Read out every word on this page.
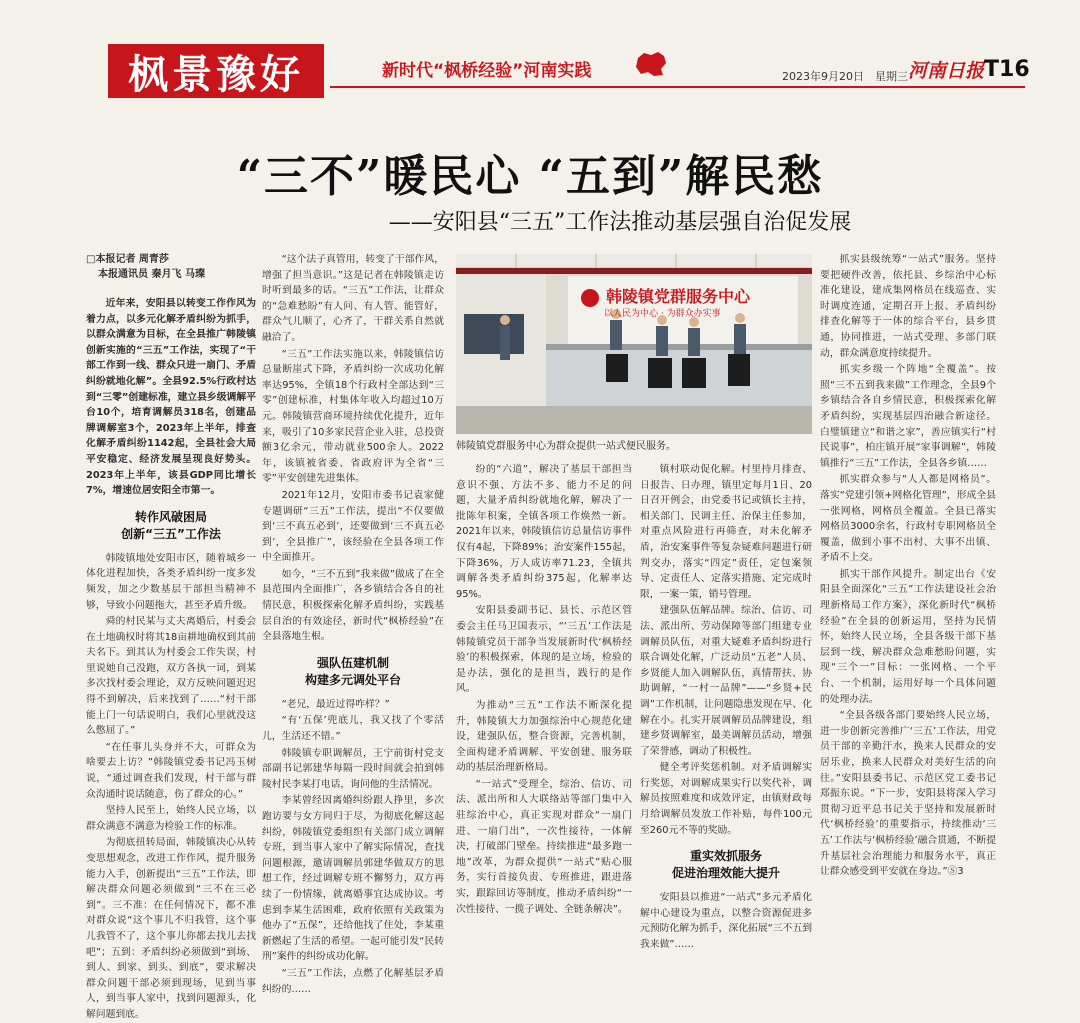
枫景豫好	新时代“枫桥经验”河南实践	2023年9月20日　星期三 河南日报 T16
“三不”暖民心 “五到”解民愁
——安阳县“三五”工作法推动基层强自治促发展
□本报记者 周青莎
本报通讯员 秦月飞 马璨

近年来，安阳县以转变工作作风为着力点，以多元化解矛盾纠纷为抓手，以群众满意为目标，在全县推广韩陵镇创新实施的“三五”工作法，实现了“干部工作到一线、群众只进一扇门、矛盾纠纷就地化解”。全县92.5%行政村达到“三零”创建标准，建立县乡级调解平台10个，培育调解员318名，创建品牌调解室3个，2023年上半年，排查化解矛盾纠纷1142起，全县社会大局平安稳定、经济发展呈现良好势头。2023年上半年，该县GDP同比增长7%，增速位居安阳全市第一。

转作风破困局
创新“三五”工作法

韩陵镇地处安阳市区，随着城乡一体化进程加快，各类矛盾纠纷一度多发频发，加之少数基层干部担当精神不够，导致小问题拖大，甚至矛盾升级。

舜的村民某与丈夫离婚后，村委会在土地确权时将其18亩耕地确权到其前夫名下。到其认为村委会工作失误，村里说她自己没跑，双方各执一词，到某多次找村委会理论，双方反映问题迟迟得不到解决，后来找到了……“村干部能上门一句话说明白，我们心里就没这么憋屈了。”

“在任事儿头身并不大，可群众为啥要去上访？”韩陵镇党委书记冯玉树说，“通过调查我们发现，村干部与群众沟通时说话随意，伤了群众的心。”

坚持人民至上，始终人民立场，以群众满意不满意为检验工作的标准。

为彻底扭转局面，韩陵镇决心从转变思想观念，改进工作作风，提升服务能力入手，创新提出“三五”工作法，即解决群众问题必须做到“三不在三必到”。三不准：在任何情况下，都不准对群众说“这个事儿不归我管，这个事儿我管不了，这个事儿你都去找儿去找吧”；五到：矛盾纠纷必须做到“到场、到人、到家、到头、到底”，要求解决群众问题干部必须到现场，见到当事人，到当事人家中，找到问题源头，化解问题到底。

“这个法子真管用，转变了干部作风，增强了担当意识。”这是记者在韩陵镇走访时听到最多的话。“三五”工作法，让群众的“急难愁盼”有人问、有人管、能管好，群众气儿顺了，心齐了，干群关系自然就融洽了。

“三五”工作法实施以来，韩陵镇信访总量断崖式下降，矛盾纠纷一次成功化解率达95%，全镇18个行政村全部达到“三零”创建标准，村集体年收入均超过10万元。韩陵镇营商环境持续优化提升，近年来，吸引了10多家民营企业入驻，总投资额3亿余元，带动就业500余人。2022年，该镇被省委、省政府评为全省“三零”平安创建先进集体。

2021年12月，安阳市委书记袁家健专题调研“三五”工作法，提出“不仅要做到‘三不真五必到’，还要做到‘三不真五必到’，全县推广”，该经验在全县各项工作中全面推开。

如今，“三不五到”我来做”做成了在全县范围内全面推广，各乡镇结合各自的社情民意，积极探索化解矛盾纠纷，实践基层自治的有效途径，新时代“枫桥经验”在全县落地生根。

强队伍建机制
构建多元调处平台

“老兄，最近过得咋样？”

“有‘五保’兜底儿，我又找了个零活儿，生活还不错。”

韩陵镇专职调解员，王宁前街村党支部副书记郭建华每隔一段时间就会拍到韩陵村民李某打电话，询问他的生活情况。

李某曾经因离婚纠纷跟人挣里，多次跑访要与女方同归于尽，为彻底化解这起纠纷，韩陵镇党委组织有关部门成立调解专班，到当事人家中了解实际情况，查找问题根源，邀请调解员郭建华做双方的思想工作，经过调解专班不懈努力，双方再续了一份情缘，就离婚事宜达成协议。考虑到李某生活困难，政府依照有关政策为他办了“五保”，还给他找了住处，李某重新燃起了生活的希望。一起可能引发“民转刑”案件的纠纷成功化解。

“三五”工作法，点燃了化解基层矛盾纠纷的……

韩陵镇党群服务中心
以人民为中心 · 为群众办实事
韩陵镇党群服务中心为群众提供一站式便民服务。

纷的“六道”，解决了基层干部担当意识不强、方法不多、能力不足的问题，大量矛盾纠纷就地化解，解决了一批陈年积案，全镇各项工作焕然一新。2021年以来，韩陵镇信访总量信访事件仅有4起，下降89%；治安案件155起，下降36%，万人成访率71.23，全镇共调解各类矛盾纠纷375起，化解率达95%。

安阳县委副书记、县长、示范区管委会主任马卫国表示，“‘三五’工作法是韩陵镇党员干部争当发展新时代‘枫桥经验’的积极探索，体现的是立场，检验的是办法，强化的是担当，践行的是作风。

为推动“三五”工作法不断深化提升，韩陵镇大力加强综治中心规范化建设，建强队伍，整合资源，完善机制，全面构建矛盾调解、平安创建、服务联动的基层治理新格局。

“一站式”受理全，综治、信访、司法、派出所和人大联络站等部门集中入驻综治中心，真正实现对群众“一扇门进、一扇门出”，一次性接待，一体解决，打破部门壁垒。持续推进“最多跑一地”改革，为群众提供“一站式”贴心服务，实行首接负责、专班推进，跟进落实，跟踪回访等制度，推动矛盾纠纷“一次性接待、一揽子调处、全链条解决”。

镇村联动促化解。村里持月排查、日报告、日办理，镇里定每月1日、20日召开例会，由党委书记或镇长主持，相关部门、民调主任、治保主任参加，对重点风险进行再筛查，对未化解矛盾，治安案事件等复杂疑难问题进行研判交办，落实“四定”责任，定包案领导、定责任人、定落实措施、定完成时限，一案一策，销号管理。

建强队伍解品牌。综治、信访、司法、派出所、劳动保障等部门组建专业调解员队伍，对重大疑难矛盾纠纷进行联合调处化解，广泛动员“五老”人员、乡贤能人加入调解队伍，真情帮扶、协助调解，“一村一品牌”——“乡贤+民调”工作机制，让问题隐患发现在早、化解在小。扎实开展调解员品牌建设，组建乡贤调解室，最美调解员活动，增强了荣誉感，调动了积极性。

健全考评奖惩机制。对矛盾调解实行奖惩，对调解成果实行以奖代补，调解员按照难度和成效评定，由镇财政每月给调解员发放工作补贴，每件100元至260元不等的奖励。

重实效抓服务
促进治理效能大提升

安阳县以推进“一站式”多元矛盾化解中心建设为重点，以整合资源促进多元预防化解为抓手，深化拓展“三不五到我来做”……

抓实县级统筹“一站式”服务。坚持要把硬件改善，依托县、乡综治中心标准化建设，建成集网格员在线巡查、实时调度连通，定期召开上报、矛盾纠纷排查化解等于一体的综合平台，县乡贯通，协同推进，一站式受理、多部门联动，群众满意度持续提升。

抓实乡级一个阵地“全覆盖”。按照“三不五到我来做”工作理念，全县9个乡镇结合各自乡情民意，积极探索化解矛盾纠纷，实现基层四治融合新途径。白璧镇建立“和谐之家”，善应镇实行“村民说事”，柏庄镇开展“家事调解”，韩陵镇推行“三五”工作法，全县各乡镇……

抓实群众参与“人人都是网格员”。落实“党建引领+网格化管理”，形成全县一张网格，网格员全覆盖。全县已落实网格员3000余名，行政村专职网格员全覆盖，做到小事不出村、大事不出镇、矛盾不上交。

抓实干部作风提升。制定出台《安阳县全面深化“三五”工作法建设社会治理新格局工作方案》，深化新时代“枫桥经验”在全县的创新运用，坚持为民情怀，始终人民立场，全县各级干部下基层到一线，解决群众急难愁盼问题，实现“三个一”目标：一张网格、一个平台、一个机制，运用好每一个具体问题的处理办法。

“全县各级各部门要始终人民立场，进一步创新完善推广‘三五’工作法，用党员干部的辛勤汗水，换来人民群众的安居乐业，换来人民群众对美好生活的向往。”安阳县委书记、示范区党工委书记郑振东说。“下一步，安阳县将深入学习贯彻习近平总书记关于坚持和发展新时代‘枫桥经验’的重要指示，持续推动‘三五’工作法与‘枫桥经验’融合贯通，不断提升基层社会治理能力和服务水平，真正让群众感受到平安就在身边。”Ⓢ3
